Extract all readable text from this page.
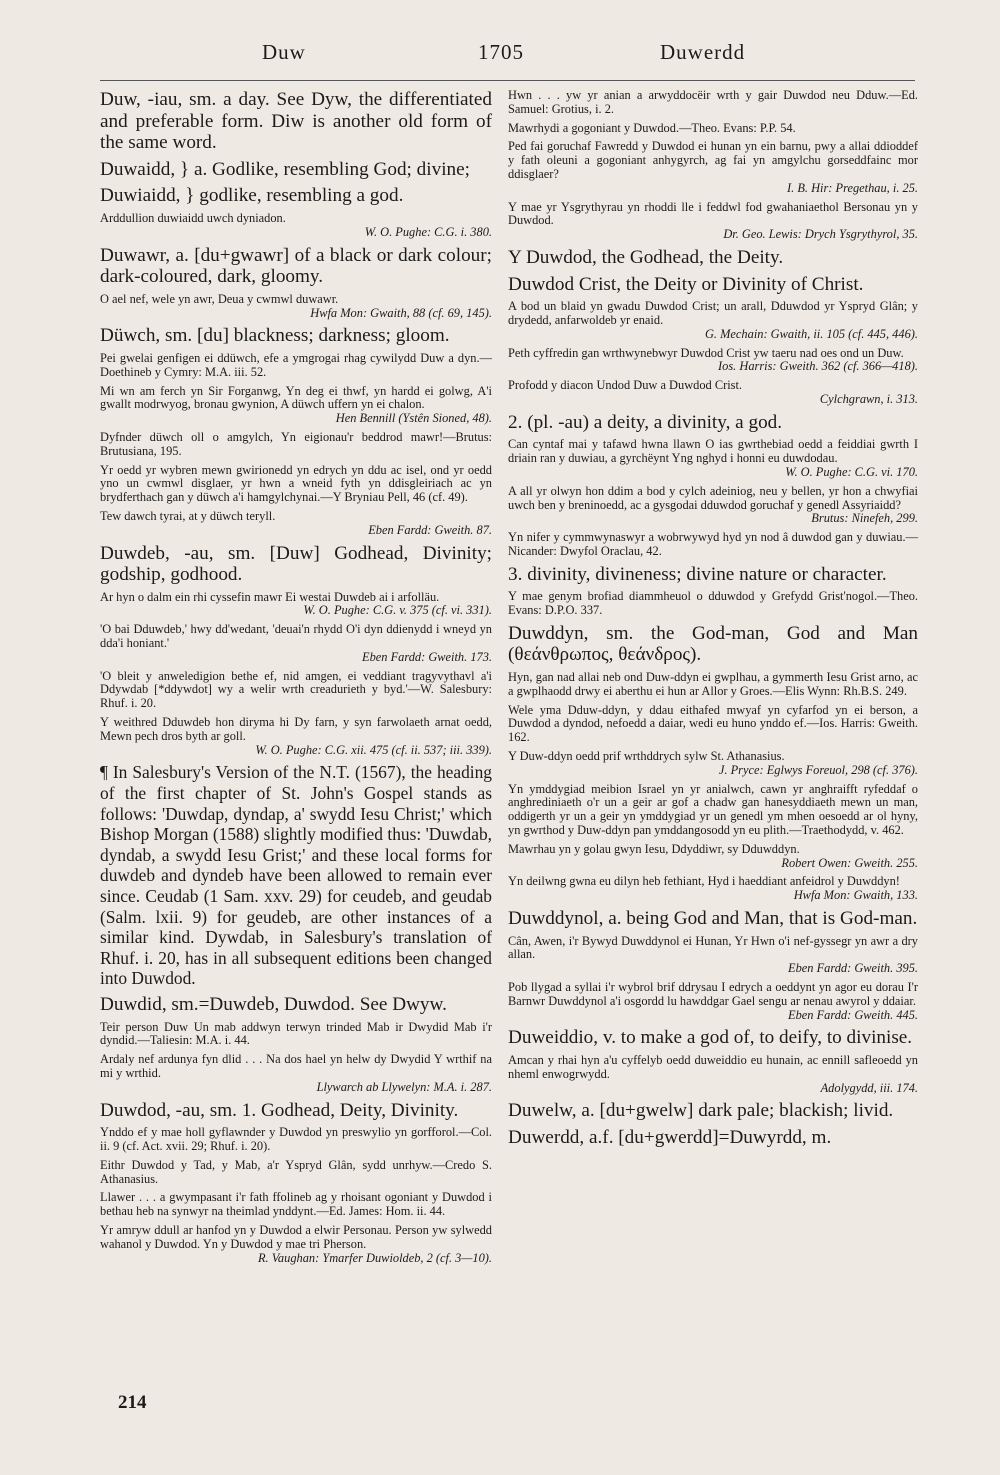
Duw	1705	Duwerdd

Duw, -iau, sm. a day. See Dyw, the differentiated and preferable form. Diw is another old form of the same word.

Duwaidd, } a. Godlike, resembling God; divine;

Duwiaidd, } godlike, resembling a god.

Arddullion duwiaidd uwch dyniadon.

W. O. Pughe: C.G. i. 380.

Duwawr, a. [du+gwawr] of a black or dark colour; dark-coloured, dark, gloomy.

O ael nef, wele yn awr, Deua y cwmwl duwawr.

Hwfa Mon: Gwaith, 88 (cf. 69, 145).

Düwch, sm. [du] blackness; darkness; gloom.

Pei gwelai genfigen ei ddüwch, efe a ymgrogai rhag cywilydd Duw a dyn.—Doethineb y Cymry: M.A. iii. 52.

Mi wn am ferch yn Sir Forganwg, Yn deg ei thwf, yn hardd ei golwg, A'i gwallt modrwyog, bronau gwynion, A düwch uffern yn ei chalon.

Hen Bennill (Ystên Sioned, 48).

Dyfnder düwch oll o amgylch, Yn eigionau'r beddrod mawr!—Brutus: Brutusiana, 195.

Yr oedd yr wybren mewn gwirionedd yn edrych yn ddu ac isel, ond yr oedd yno un cwmwl disglaer, yr hwn a wneid fyth yn ddisgleiriach ac yn brydferthach gan y düwch a'i hamgylchynai.—Y Bryniau Pell, 46 (cf. 49).

Tew dawch tyrai, at y düwch teryll.

Eben Fardd: Gweith. 87.

Duwdeb, -au, sm. [Duw] Godhead, Divinity; godship, godhood.

Ar hyn o dalm ein rhi cyssefin mawr Ei westai Duwdeb ai i arfolläu.

W. O. Pughe: C.G. v. 375 (cf. vi. 331).

'O bai Dduwdeb,' hwy dd'wedant, 'deuai'n rhydd O'i dyn ddienydd i wneyd yn dda'i honiant.'

Eben Fardd: Gweith. 173.

'O bleit y anweledigion bethe ef, nid amgen, ei veddiant tragyvythavl a'i Ddywdab [*ddywdot] wy a welir wrth creadurieth y byd.'—W. Salesbury: Rhuf. i. 20.

Y weithred Dduwdeb hon diryma hi Dy farn, y syn farwolaeth arnat oedd, Mewn pech dros byth ar goll.

W. O. Pughe: C.G. xii. 475 (cf. ii. 537; iii. 339).

¶ In Salesbury's Version of the N.T. (1567), the heading of the first chapter of St. John's Gospel stands as follows: 'Duwdap, dyndap, a' swydd Iesu Christ;' which Bishop Morgan (1588) slightly modified thus: 'Duwdab, dyndab, a swydd Iesu Grist;' and these local forms for duwdeb and dyndeb have been allowed to remain ever since. Ceudab (1 Sam. xxv. 29) for ceudeb, and geudab (Salm. lxii. 9) for geudeb, are other instances of a similar kind. Dywdab, in Salesbury's translation of Rhuf. i. 20, has in all subsequent editions been changed into Duwdod.

Duwdid, sm.=Duwdeb, Duwdod. See Dwyw.

Teir person Duw Un mab addwyn terwyn trinded Mab ir Dwydid Mab i'r dyndid.—Taliesin: M.A. i. 44.

Ardaly nef ardunya fyn dlid . . . Na dos hael yn helw dy Dwydid Y wrthif na mi y wrthid.

Llywarch ab Llywelyn: M.A. i. 287.

Duwdod, -au, sm. 1. Godhead, Deity, Divinity.

Ynddo ef y mae holl gyflawnder y Duwdod yn preswylio yn gorfforol.—Col. ii. 9 (cf. Act. xvii. 29; Rhuf. i. 20).

Eithr Duwdod y Tad, y Mab, a'r Yspryd Glân, sydd unrhyw.—Credo S. Athanasius.

Llawer . . . a gwympasant i'r fath ffolineb ag y rhoisant ogoniant y Duwdod i bethau heb na synwyr na theimlad ynddynt.—Ed. James: Hom. ii. 44.

Yr amryw ddull ar hanfod yn y Duwdod a elwir Personau. Person yw sylwedd wahanol y Duwdod. Yn y Duwdod y mae tri Pherson.

R. Vaughan: Ymarfer Duwioldeb, 2 (cf. 3—10).

Hwn . . . yw yr anian a arwyddocëir wrth y gair Duwdod neu Dduw.—Ed. Samuel: Grotius, i. 2.

Mawrhydi a gogoniant y Duwdod.—Theo. Evans: P.P. 54.

Ped fai goruchaf Fawredd y Duwdod ei hunan yn ein barnu, pwy a allai ddioddef y fath oleuni a gogoniant anhygyrch, ag fai yn amgylchu gorseddfainc mor ddisglaer?

I. B. Hir: Pregethau, i. 25.

Y mae yr Ysgrythyrau yn rhoddi lle i feddwl fod gwahaniaethol Bersonau yn y Duwdod.

Dr. Geo. Lewis: Drych Ysgrythyrol, 35.

Y Duwdod, the Godhead, the Deity.

Duwdod Crist, the Deity or Divinity of Christ.

A bod un blaid yn gwadu Duwdod Crist; un arall, Dduwdod yr Yspryd Glân; y drydedd, anfarwoldeb yr enaid.

G. Mechain: Gwaith, ii. 105 (cf. 445, 446).

Peth cyffredin gan wrthwynebwyr Duwdod Crist yw taeru nad oes ond un Duw.

Ios. Harris: Gweith. 362 (cf. 366—418).

Profodd y diacon Undod Duw a Duwdod Crist.

Cylchgrawn, i. 313.

2. (pl. -au) a deity, a divinity, a god.

Can cyntaf mai y tafawd hwna llawn O ias gwrthebiad oedd a feiddiai gwrth I driain ran y duwiau, a gyrchëynt Yng nghyd i honni eu duwdodau.

W. O. Pughe: C.G. vi. 170.

A all yr olwyn hon ddim a bod y cylch adeiniog, neu y bellen, yr hon a chwyfiai uwch ben y breninoedd, ac a gysgodai dduwdod goruchaf y genedl Assyriaidd?

Brutus: Ninefeh, 299.

Yn nifer y cymmwynaswyr a wobrwywyd hyd yn nod â duwdod gan y duwiau.—Nicander: Dwyfol Oraclau, 42.

3. divinity, divineness; divine nature or character.

Y mae genym brofiad diammheuol o dduwdod y Grefydd Grist'nogol.—Theo. Evans: D.P.O. 337.

Duwddyn, sm. the God-man, God and Man (θεάνθρωπος, θεάνδρος).

Hyn, gan nad allai neb ond Duw-ddyn ei gwplhau, a gymmerth Iesu Grist arno, ac a gwplhaodd drwy ei aberthu ei hun ar Allor y Groes.—Elis Wynn: Rh.B.S. 249.

Wele yma Dduw-ddyn, y ddau eithafed mwyaf yn cyfarfod yn ei berson, a Duwdod a dyndod, nefoedd a daiar, wedi eu huno ynddo ef.—Ios. Harris: Gweith. 162.

Y Duw-ddyn oedd prif wrthddrych sylw St. Athanasius.

J. Pryce: Eglwys Foreuol, 298 (cf. 376).

Yn ymddygiad meibion Israel yn yr anialwch, cawn yr anghraifft ryfeddaf o anghrediniaeth o'r un a geir ar gof a chadw gan hanesyddiaeth mewn un man, oddigerth yr un a geir yn ymddygiad yr un genedl ym mhen oesoedd ar ol hyny, yn gwrthod y Duw-ddyn pan ymddangosodd yn eu plith.—Traethodydd, v. 462.

Mawrhau yn y golau gwyn Iesu, Ddyddiwr, sy Dduwddyn.

Robert Owen: Gweith. 255.

Yn deilwng gwna eu dilyn heb fethiant, Hyd i haeddiant anfeidrol y Duwddyn!

Hwfa Mon: Gwaith, 133.

Duwddynol, a. being God and Man, that is God-man.

Cân, Awen, i'r Bywyd Duwddynol ei Hunan, Yr Hwn o'i nef-gyssegr yn awr a dry allan.

Eben Fardd: Gweith. 395.

Pob llygad a syllai i'r wybrol brif ddrysau I edrych a oeddynt yn agor eu dorau I'r Barnwr Duwddynol a'i osgordd lu hawddgar Gael sengu ar nenau awyrol y ddaiar.

Eben Fardd: Gweith. 445.

Duweiddio, v. to make a god of, to deify, to divinise.

Amcan y rhai hyn a'u cyffelyb oedd duweiddio eu hunain, ac ennill safleoedd yn nheml enwogrwydd.

Adolygydd, iii. 174.

Duwelw, a. [du+gwelw] dark pale; blackish; livid.

Duwerdd, a.f. [du+gwerdd]=Duwyrdd, m.

214
